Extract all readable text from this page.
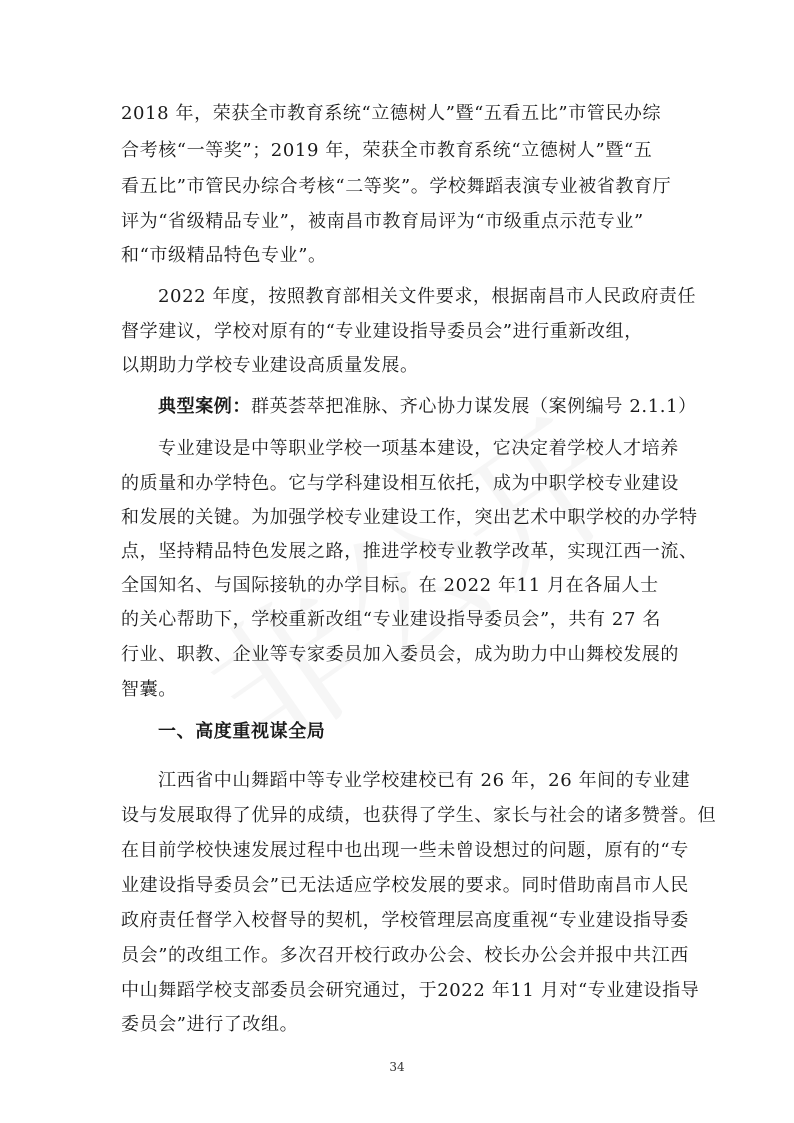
2018 年，荣获全市教育系统“立德树人”暨“五看五比”市管民办综
合考核“一等奖”；2019 年，荣获全市教育系统“立德树人”暨“五
看五比”市管民办综合考核“二等奖”。学校舞蹈表演专业被省教育厅
评为“省级精品专业”，被南昌市教育局评为“市级重点示范专业”
和“市级精品特色专业”。
2022 年度，按照教育部相关文件要求，根据南昌市人民政府责任
督学建议，学校对原有的“专业建设指导委员会”进行重新改组，
以期助力学校专业建设高质量发展。
典型案例：群英荟萃把准脉、齐心协力谋发展（案例编号 2.1.1）
专业建设是中等职业学校一项基本建设，它决定着学校人才培养
的质量和办学特色。它与学科建设相互依托，成为中职学校专业建设
和发展的关键。为加强学校专业建设工作，突出艺术中职学校的办学特
点，坚持精品特色发展之路，推进学校专业教学改革，实现江西一流、
全国知名、与国际接轨的办学目标。在 2022 年11 月在各届人士
的关心帮助下，学校重新改组“专业建设指导委员会”，共有 27 名
行业、职教、企业等专家委员加入委员会，成为助力中山舞校发展的
智囊。
一、高度重视谋全局
江西省中山舞蹈中等专业学校建校已有 26 年，26 年间的专业建
设与发展取得了优异的成绩，也获得了学生、家长与社会的诸多赞誉。但
在目前学校快速发展过程中也出现一些未曾设想过的问题，原有的“专
业建设指导委员会”已无法适应学校发展的要求。同时借助南昌市人民
政府责任督学入校督导的契机，学校管理层高度重视“专业建设指导委
员会”的改组工作。多次召开校行政办公会、校长办公会并报中共江西
中山舞蹈学校支部委员会研究通过，于2022 年11 月对“专业建设指导
委员会”进行了改组。
34
